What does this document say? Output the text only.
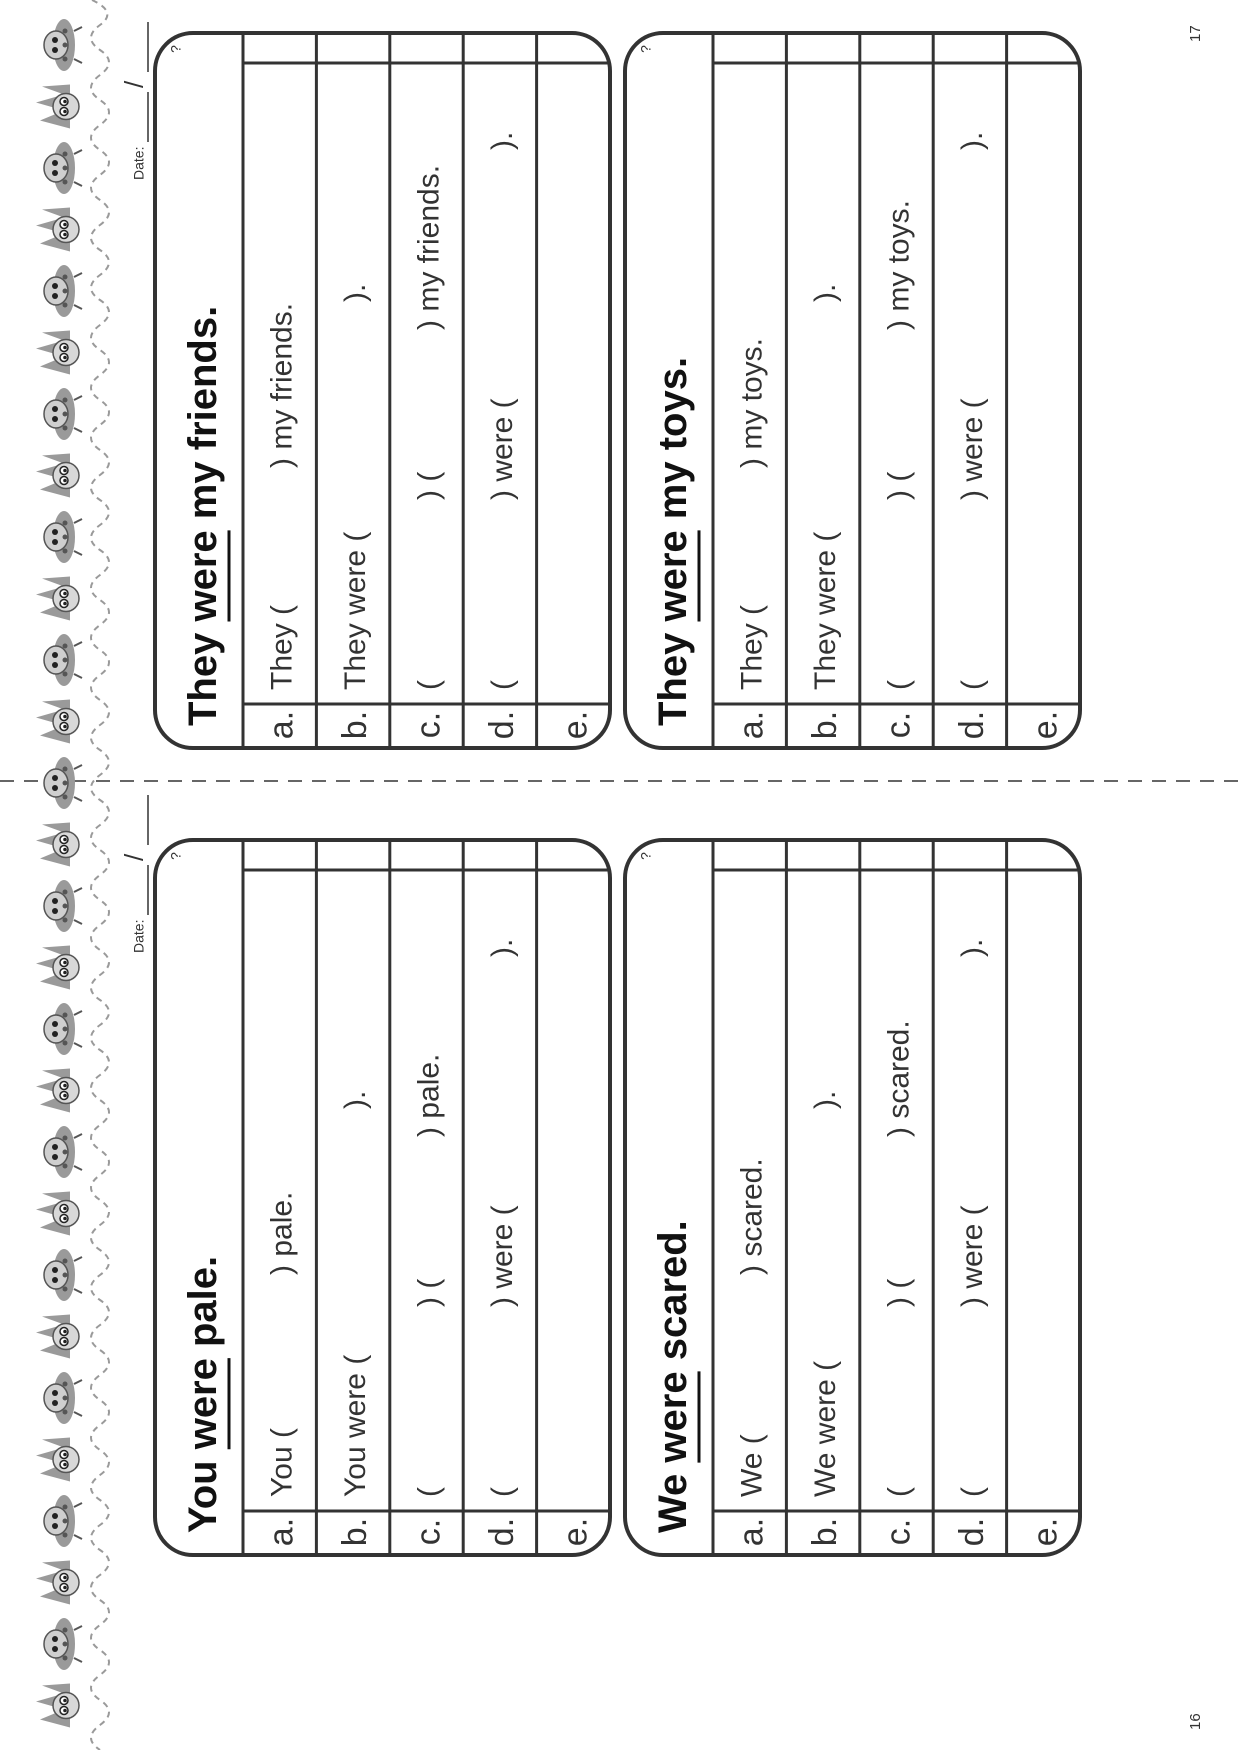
?
They were my friends.
a. b. c. d. e.
?
They were my toys.
a. b. c. d. e.
?
You were pale.
a. b. c. d. e.
?
We were scared.
a. b. c. d. e.
Date:
/
Date:
/
16
17
